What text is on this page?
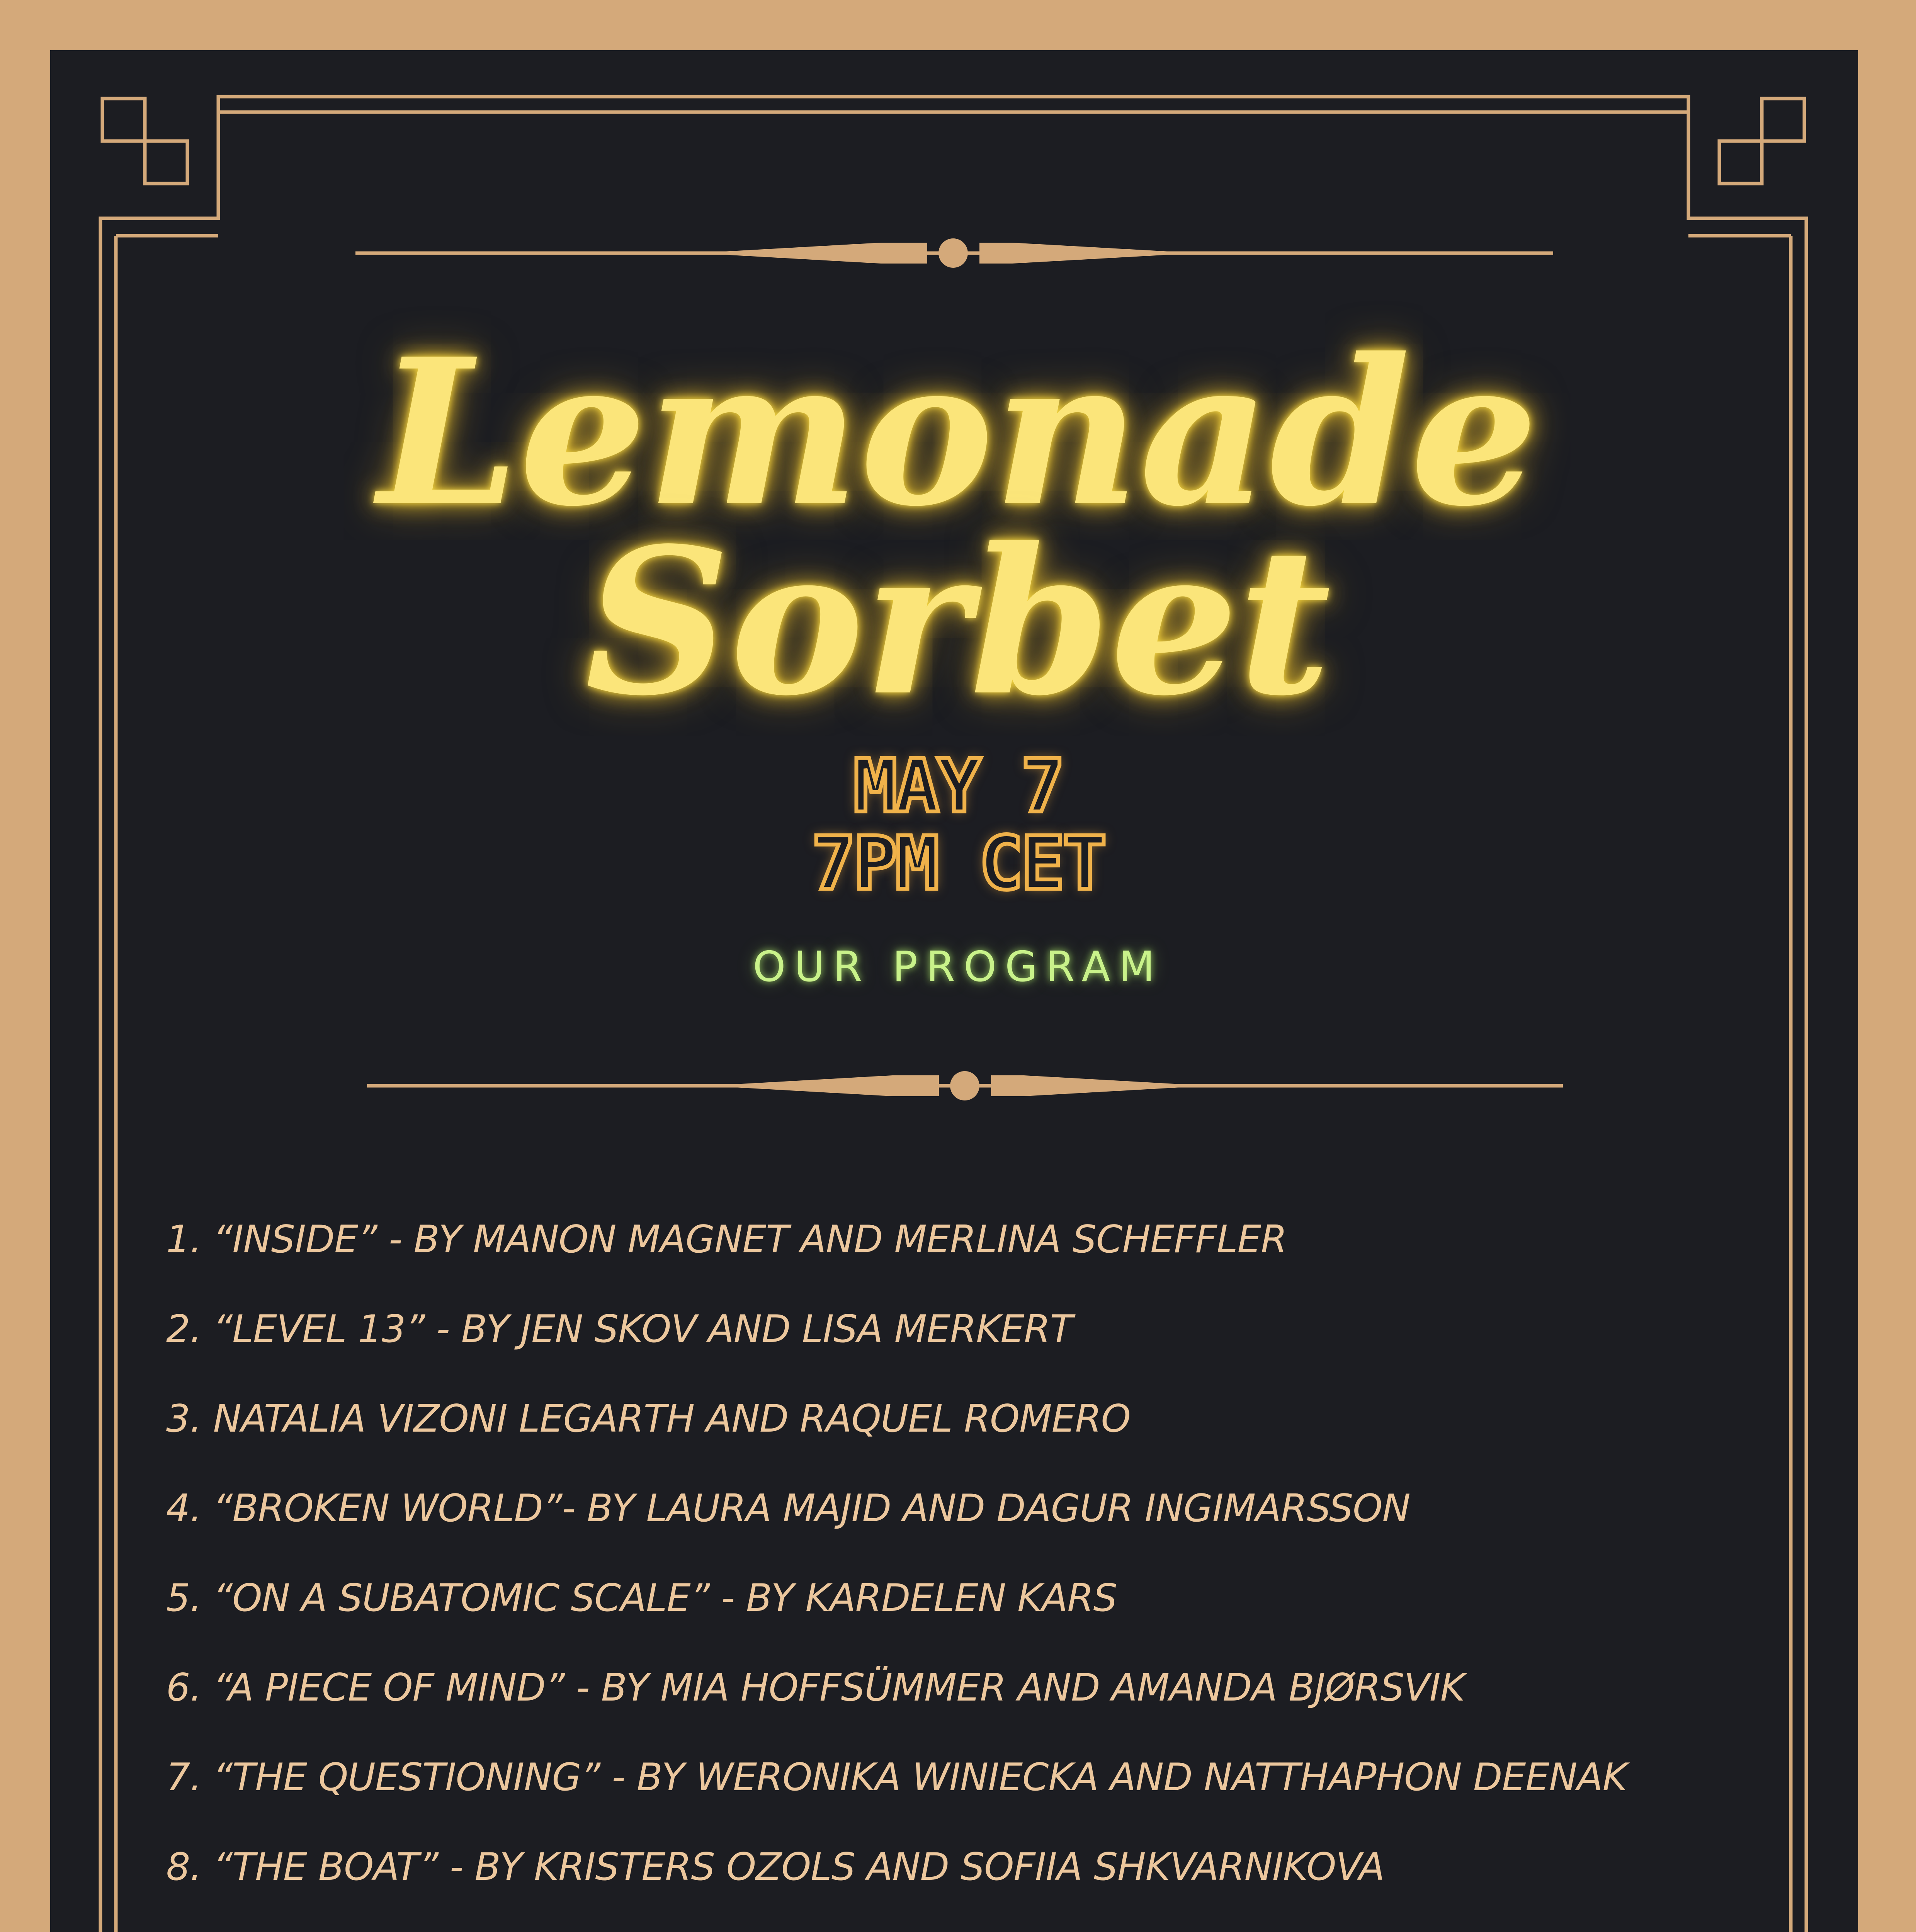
Lemonade
Sorbet
MAY 7
7PM CET
OUR PROGRAM
1. “INSIDE” - BY MANON MAGNET AND MERLINA SCHEFFLER
2. “LEVEL 13” - BY JEN SKOV AND LISA MERKERT
3. NATALIA VIZONI LEGARTH AND RAQUEL ROMERO
4. “BROKEN WORLD”- BY LAURA MAJID AND DAGUR INGIMARSSON
5. “ON A SUBATOMIC SCALE” - BY KARDELEN KARS
6. “A PIECE OF MIND” - BY MIA HOFFSÜMMER AND AMANDA BJØRSVIK
7. “THE QUESTIONING” - BY WERONIKA WINIECKA AND NATTHAPHON DEENAK
8. “THE BOAT” - BY KRISTERS OZOLS AND SOFIIA SHKVARNIKOVA
